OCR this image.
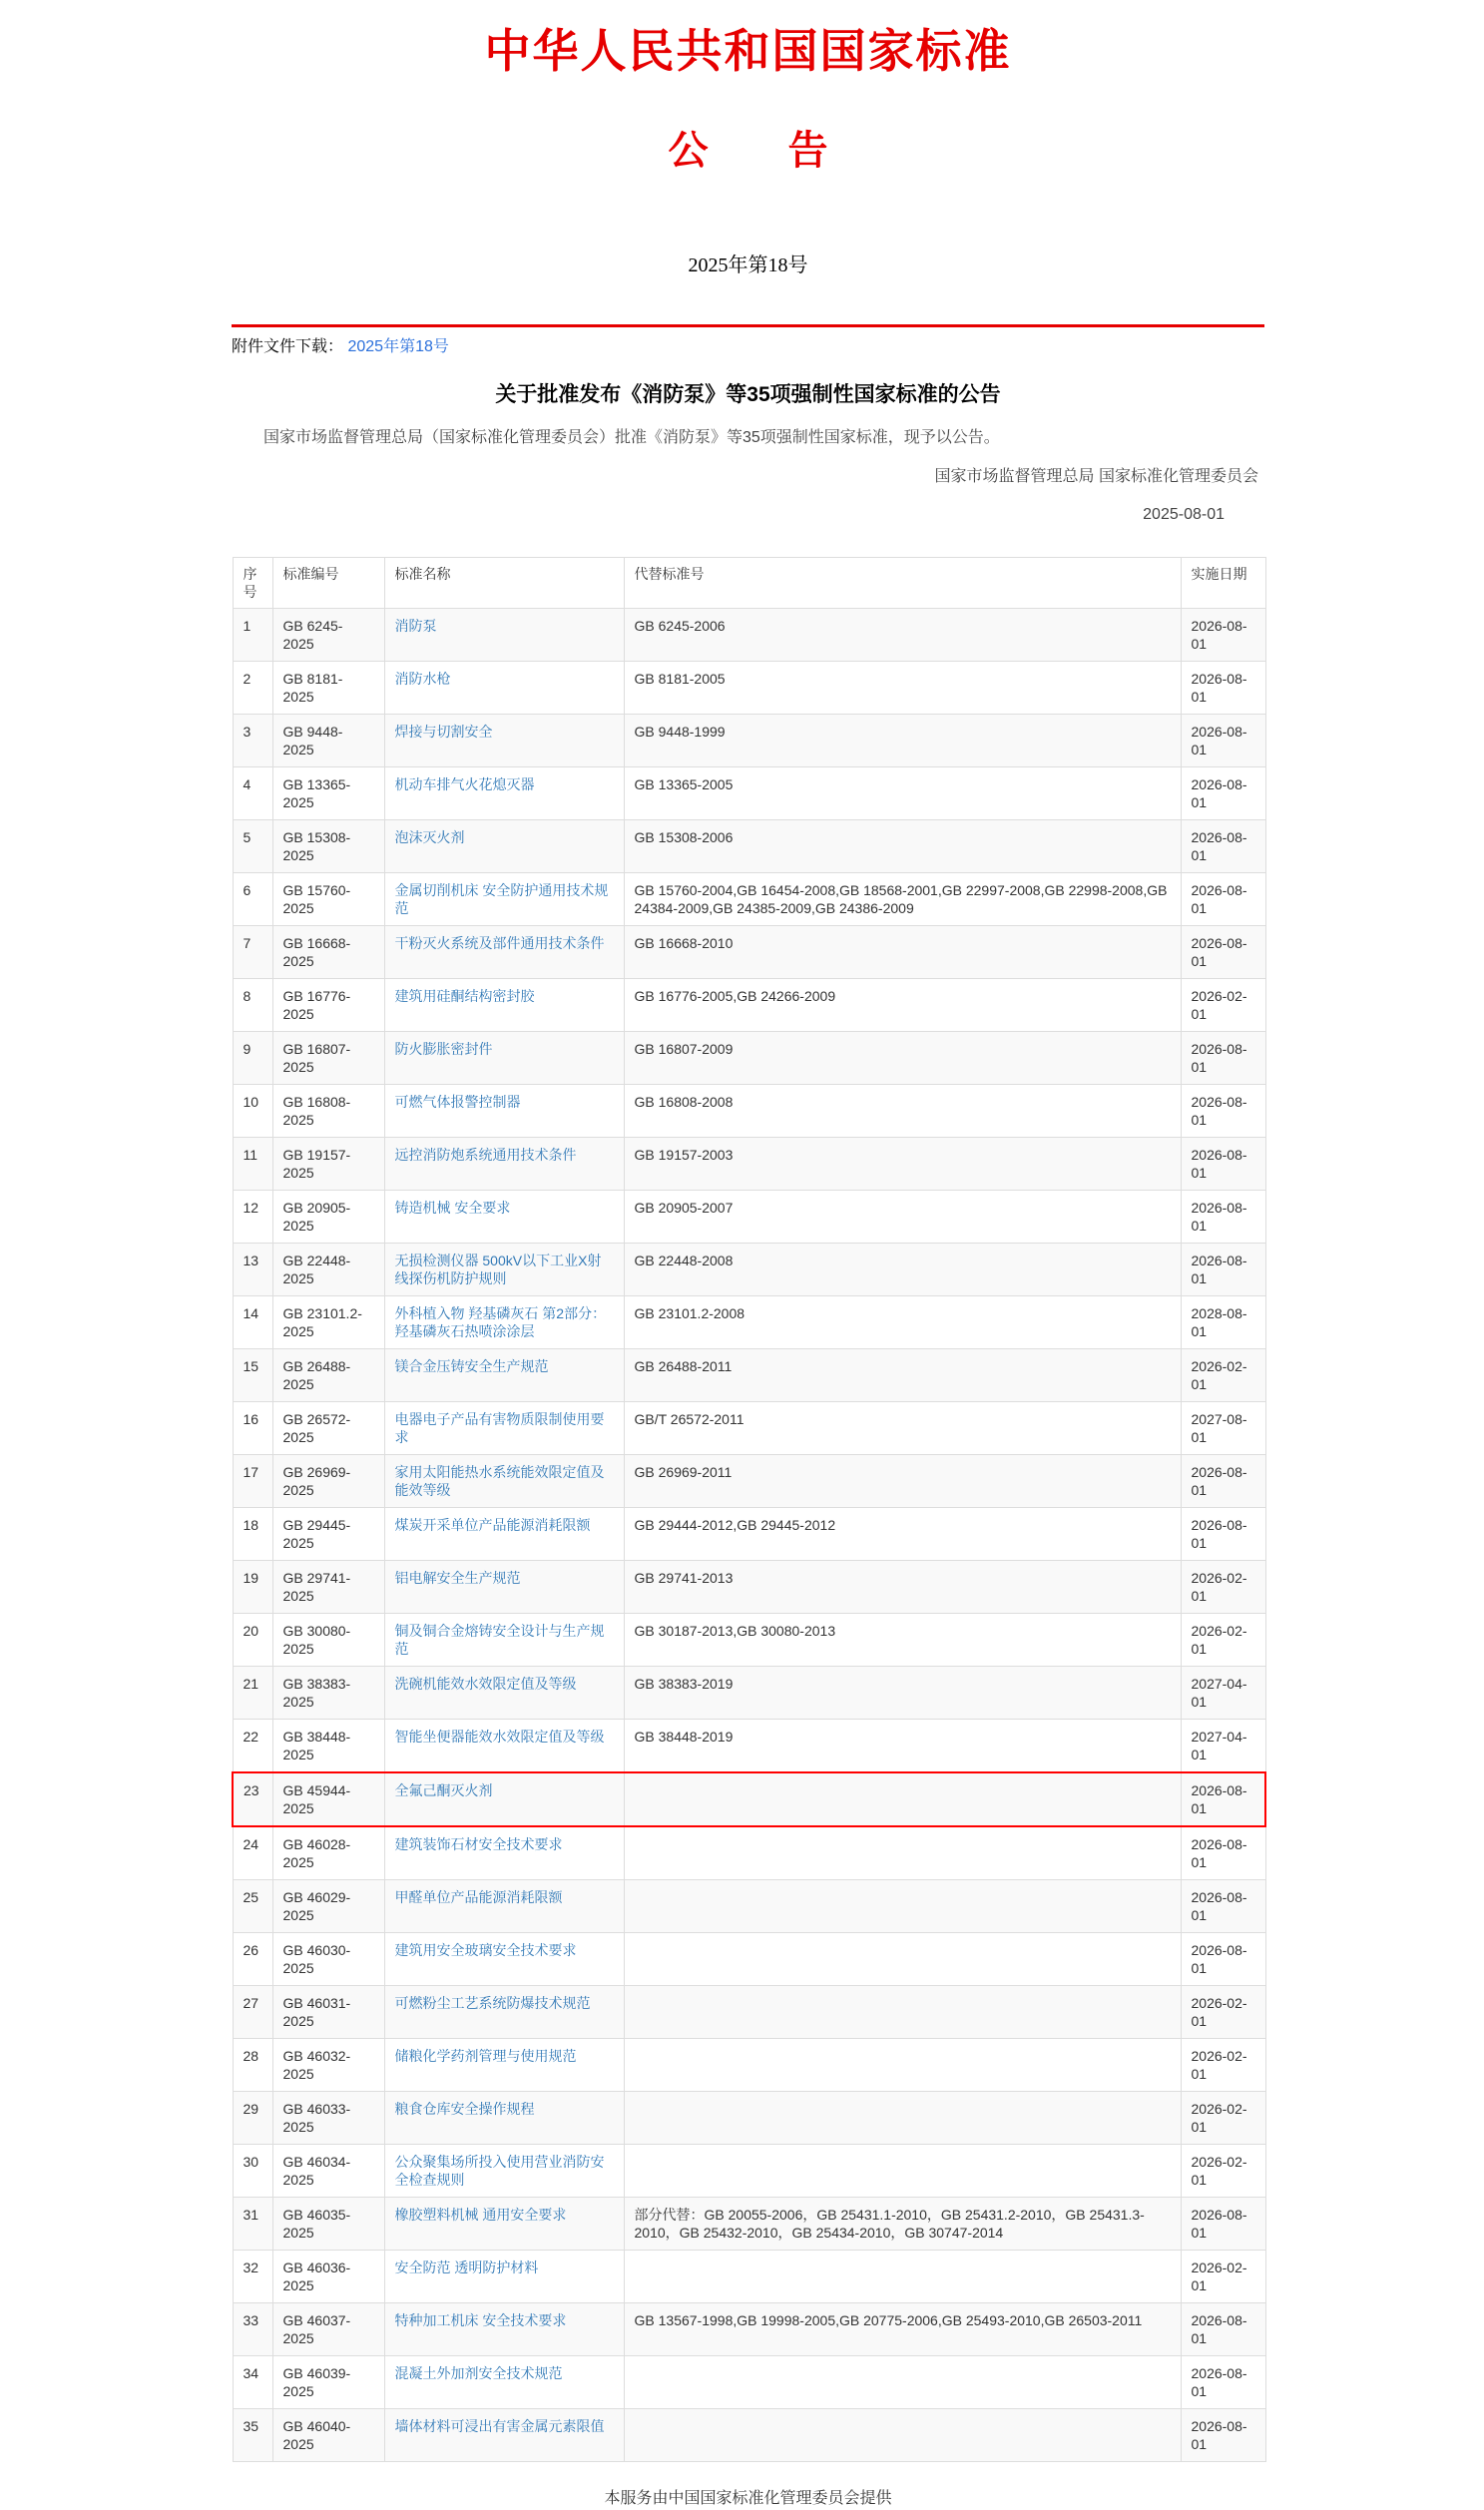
中华人民共和国国家标准
公　　告
2025年第18号
附件文件下载： 2025年第18号
关于批准发布《消防泵》等35项强制性国家标准的公告

国家市场监督管理总局（国家标准化管理委员会）批准《消防泵》等35项强制性国家标准，现予以公告。

国家市场监督管理总局 国家标准化管理委员会
2025-08-01
序号	标准编号	标准名称	代替标准号	实施日期
1	GB 6245-2025	消防泵	GB 6245-2006	2026-08-01
2	GB 8181-2025	消防水枪	GB 8181-2005	2026-08-01
3	GB 9448-2025	焊接与切割安全	GB 9448-1999	2026-08-01
4	GB 13365-2025	机动车排气火花熄灭器	GB 13365-2005	2026-08-01
5	GB 15308-2025	泡沫灭火剂	GB 15308-2006	2026-08-01
6	GB 15760-2025	金属切削机床 安全防护通用技术规范	GB 15760-2004,GB 16454-2008,GB 18568-2001,GB 22997-2008,GB 22998-2008,GB 24384-2009,GB 24385-2009,GB 24386-2009	2026-08-01
7	GB 16668-2025	干粉灭火系统及部件通用技术条件	GB 16668-2010	2026-08-01
8	GB 16776-2025	建筑用硅酮结构密封胶	GB 16776-2005,GB 24266-2009	2026-02-01
9	GB 16807-2025	防火膨胀密封件	GB 16807-2009	2026-08-01
10	GB 16808-2025	可燃气体报警控制器	GB 16808-2008	2026-08-01
11	GB 19157-2025	远控消防炮系统通用技术条件	GB 19157-2003	2026-08-01
12	GB 20905-2025	铸造机械 安全要求	GB 20905-2007	2026-08-01
13	GB 22448-2025	无损检测仪器 500kV以下工业X射线探伤机防护规则	GB 22448-2008	2026-08-01
14	GB 23101.2-2025	外科植入物 羟基磷灰石 第2部分：羟基磷灰石热喷涂涂层	GB 23101.2-2008	2028-08-01
15	GB 26488-2025	镁合金压铸安全生产规范	GB 26488-2011	2026-02-01
16	GB 26572-2025	电器电子产品有害物质限制使用要求	GB/T 26572-2011	2027-08-01
17	GB 26969-2025	家用太阳能热水系统能效限定值及能效等级	GB 26969-2011	2026-08-01
18	GB 29445-2025	煤炭开采单位产品能源消耗限额	GB 29444-2012,GB 29445-2012	2026-08-01
19	GB 29741-2025	铝电解安全生产规范	GB 29741-2013	2026-02-01
20	GB 30080-2025	铜及铜合金熔铸安全设计与生产规范	GB 30187-2013,GB 30080-2013	2026-02-01
21	GB 38383-2025	洗碗机能效水效限定值及等级	GB 38383-2019	2027-04-01
22	GB 38448-2025	智能坐便器能效水效限定值及等级	GB 38448-2019	2027-04-01
23	GB 45944-2025	全氟己酮灭火剂		2026-08-01
24	GB 46028-2025	建筑装饰石材安全技术要求		2026-08-01
25	GB 46029-2025	甲醛单位产品能源消耗限额		2026-08-01
26	GB 46030-2025	建筑用安全玻璃安全技术要求		2026-08-01
27	GB 46031-2025	可燃粉尘工艺系统防爆技术规范		2026-02-01
28	GB 46032-2025	储粮化学药剂管理与使用规范		2026-02-01
29	GB 46033-2025	粮食仓库安全操作规程		2026-02-01
30	GB 46034-2025	公众聚集场所投入使用营业消防安全检查规则		2026-02-01
31	GB 46035-2025	橡胶塑料机械 通用安全要求	部分代替：GB 20055-2006，GB 25431.1-2010，GB 25431.2-2010，GB 25431.3-2010，GB 25432-2010，GB 25434-2010，GB 30747-2014	2026-08-01
32	GB 46036-2025	安全防范 透明防护材料		2026-02-01
33	GB 46037-2025	特种加工机床 安全技术要求	GB 13567-1998,GB 19998-2005,GB 20775-2006,GB 25493-2010,GB 26503-2011	2026-08-01
34	GB 46039-2025	混凝土外加剂安全技术规范		2026-08-01
35	GB 46040-2025	墙体材料可浸出有害金属元素限值		2026-08-01
本服务由中国国家标准化管理委员会提供
